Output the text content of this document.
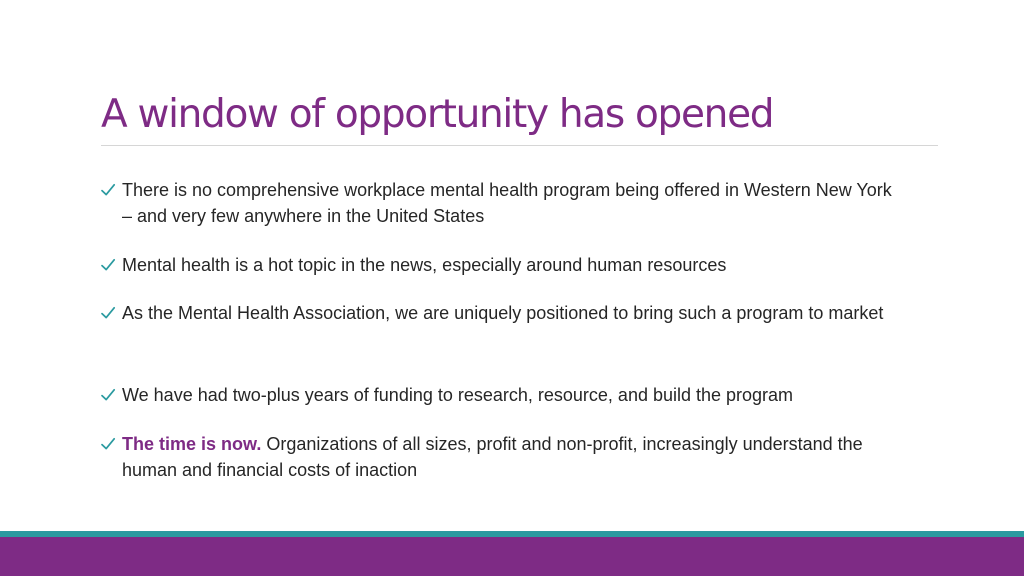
A window of opportunity has opened
There is no comprehensive workplace mental health program being offered in Western New York – and very few anywhere in the United States
Mental health is a hot topic in the news, especially around human resources
As the Mental Health Association, we are uniquely positioned to bring such a program to market
We have had two-plus years of funding to research, resource, and build the program
The time is now. Organizations of all sizes, profit and non-profit, increasingly understand the human and financial costs of inaction
